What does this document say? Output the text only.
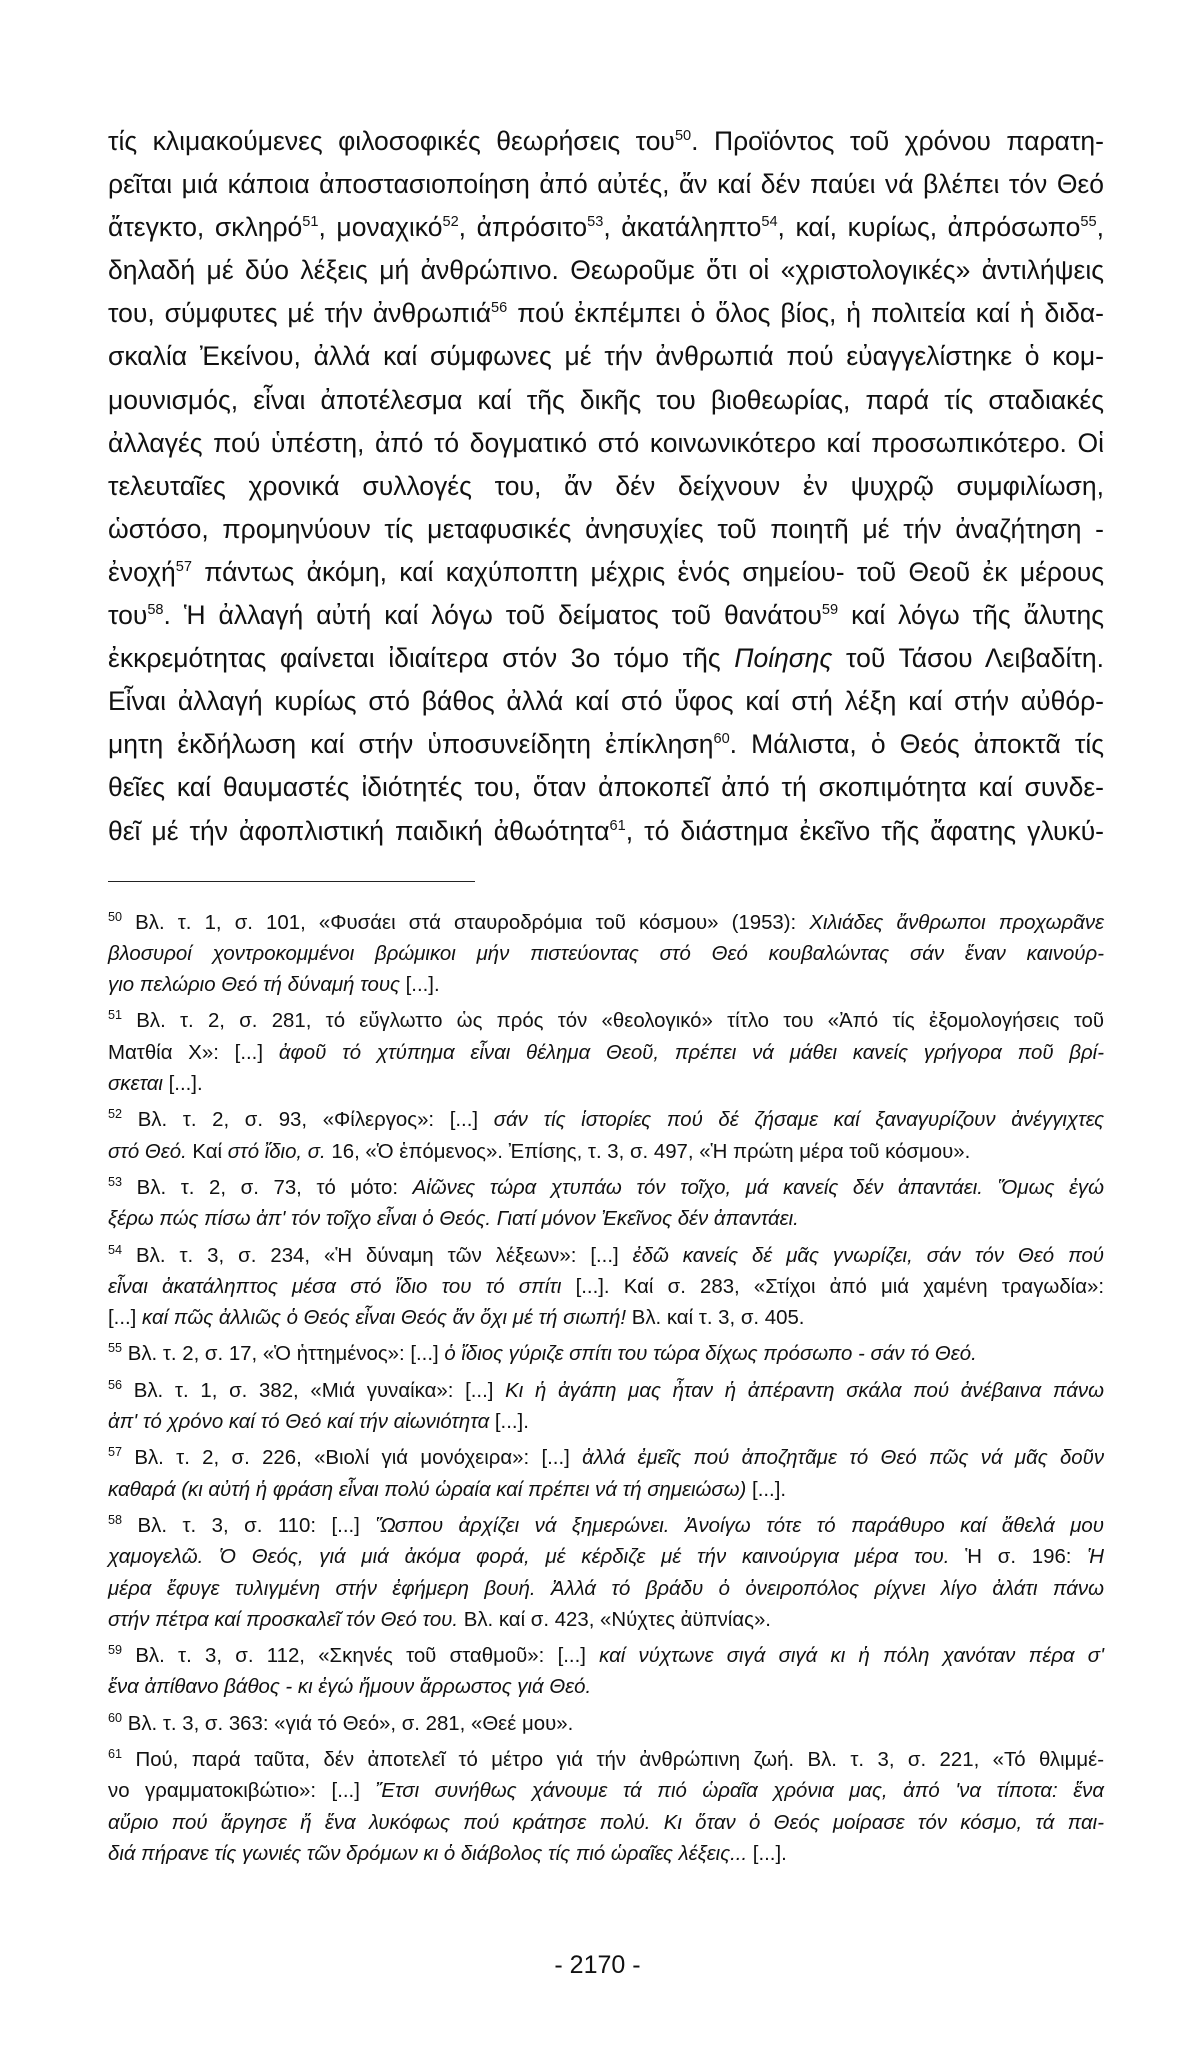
τίς κλιμακούμενες φιλοσοφικές θεωρήσεις του$^{50}$. Προϊόντος τοῦ χρόνου παρατη-
ρεῖται μιά κάποια ἀποστασιοποίηση ἀπό αὐτές, ἄν καί δέν παύει νά βλέπει τόν Θεό
ἄτεγκτο, σκληρό$^{51}$, μοναχικό$^{52}$, ἀπρόσιτο$^{53}$, ἀκατάληπτο$^{54}$, καί, κυρίως, ἀπρόσωπο$^{55}$,
δηλαδή μέ δύο λέξεις μή ἀνθρώπινο. Θεωροῦμε ὅτι οἱ «χριστολογικές» ἀντιλήψεις
του, σύμφυτες μέ τήν ἀνθρωπιά$^{56}$ πού ἐκπέμπει ὁ ὅλος βίος, ἡ πολιτεία καί ἡ διδα-
σκαλία Ἐκείνου, ἀλλά καί σύμφωνες μέ τήν ἀνθρωπιά πού εὐαγγελίστηκε ὁ κομ-
μουνισμός, εἶναι ἀποτέλεσμα καί τῆς δικῆς του βιοθεωρίας, παρά τίς σταδιακές
ἀλλαγές πού ὑπέστη, ἀπό τό δογματικό στό κοινωνικότερο καί προσωπικότερο. Οἱ
τελευταῖες χρονικά συλλογές του, ἄν δέν δείχνουν ἐν ψυχρῷ συμφιλίωση,
ὡστόσο, προμηνύουν τίς μεταφυσικές ἀνησυχίες τοῦ ποιητῆ μέ τήν ἀναζήτηση -
ἐνοχή$^{57}$ πάντως ἀκόμη, καί καχύποπτη μέχρις ἑνός σημείου- τοῦ Θεοῦ ἐκ μέρους
του$^{58}$. Ἡ ἀλλαγή αὐτή καί λόγω τοῦ δείματος τοῦ θανάτου$^{59}$ καί λόγω τῆς ἄλυτης
ἐκκρεμότητας φαίνεται ἰδιαίτερα στόν 3ο τόμο τῆς Ποίησης τοῦ Τάσου Λειβαδίτη.
Εἶναι ἀλλαγή κυρίως στό βάθος ἀλλά καί στό ὕφος καί στή λέξη καί στήν αὐθόρ-
μητη ἐκδήλωση καί στήν ὑποσυνείδητη ἐπίκληση$^{60}$. Μάλιστα, ὁ Θεός ἀποκτᾶ τίς
θεῖες καί θαυμαστές ἰδιότητές του, ὅταν ἀποκοπεῖ ἀπό τή σκοπιμότητα καί συνδε-
θεῖ μέ τήν ἀφοπλιστική παιδική ἀθωότητα$^{61}$, τό διάστημα ἐκεῖνο τῆς ἄφατης γλυκύ-
$^{50}$ Βλ. τ. 1, σ. 101, «Φυσάει στά σταυροδρόμια τοῦ κόσμου» (1953): Χιλιάδες ἄνθρωποι προχωρᾶνε
βλοσυροί χοντροκομμένοι βρώμικοι μήν πιστεύοντας στό Θεό κουβαλώντας σάν ἕναν καινούρ-
γιο πελώριο Θεό τή δύναμή τους [...].
$^{51}$ Βλ. τ. 2, σ. 281, τό εὔγλωττο ὡς πρός τόν «θεολογικό» τίτλο του «Ἀπό τίς ἐξομολογήσεις τοῦ
Ματθία Χ»: [...] ἀφοῦ τό χτύπημα εἶναι θέλημα Θεοῦ, πρέπει νά μάθει κανείς γρήγορα ποῦ βρί-
σκεται [...].
$^{52}$ Βλ. τ. 2, σ. 93, «Φίλεργος»: [...] σάν τίς ἱστορίες πού δέ ζήσαμε καί ξαναγυρίζουν ἀνέγγιχτες
στό Θεό. Καί στό ἴδιο, σ. 16, «Ὁ ἑπόμενος». Ἐπίσης, τ. 3, σ. 497, «Ἡ πρώτη μέρα τοῦ κόσμου».
$^{53}$ Βλ. τ. 2, σ. 73, τό μότο: Αἰῶνες τώρα χτυπάω τόν τοῖχο, μά κανείς δέν ἀπαντάει. Ὅμως ἐγώ
ξέρω πώς πίσω ἀπ' τόν τοῖχο εἶναι ὁ Θεός. Γιατί μόνον Ἐκεῖνος δέν ἀπαντάει.
$^{54}$ Βλ. τ. 3, σ. 234, «Ἡ δύναμη τῶν λέξεων»: [...] ἐδῶ κανείς δέ μᾶς γνωρίζει, σάν τόν Θεό πού
εἶναι ἀκατάληπτος μέσα στό ἴδιο του τό σπίτι [...]. Καί σ. 283, «Στίχοι ἀπό μιά χαμένη τραγωδία»:
[...] καί πῶς ἀλλιῶς ὁ Θεός εἶναι Θεός ἄν ὄχι μέ τή σιωπή! Βλ. καί τ. 3, σ. 405.
$^{55}$ Βλ. τ. 2, σ. 17, «Ὁ ἡττημένος»: [...] ὁ ἴδιος γύριζε σπίτι του τώρα δίχως πρόσωπο - σάν τό Θεό.
$^{56}$ Βλ. τ. 1, σ. 382, «Μιά γυναίκα»: [...] Κι ἡ ἀγάπη μας ἦταν ἡ ἀπέραντη σκάλα πού ἀνέβαινα πάνω
ἀπ' τό χρόνο καί τό Θεό καί τήν αἰωνιότητα [...].
$^{57}$ Βλ. τ. 2, σ. 226, «Βιολί γιά μονόχειρα»: [...] ἀλλά ἐμεῖς πού ἀποζητᾶμε τό Θεό πῶς νά μᾶς δοῦν
καθαρά (κι αὐτή ἡ φράση εἶναι πολύ ὡραία καί πρέπει νά τή σημειώσω) [...].
$^{58}$ Βλ. τ. 3, σ. 110: [...] Ὥσπου ἀρχίζει νά ξημερώνει. Ἀνοίγω τότε τό παράθυρο καί ἄθελά μου
χαμογελῶ. Ὁ Θεός, γιά μιά ἀκόμα φορά, μέ κέρδιζε μέ τήν καινούργια μέρα του. Ἡ σ. 196: Ἡ
μέρα ἔφυγε τυλιγμένη στήν ἐφήμερη βουή. Ἀλλά τό βράδυ ὁ ὀνειροπόλος ρίχνει λίγο ἀλάτι πάνω
στήν πέτρα καί προσκαλεῖ τόν Θεό του. Βλ. καί σ. 423, «Νύχτες ἀϋπνίας».
$^{59}$ Βλ. τ. 3, σ. 112, «Σκηνές τοῦ σταθμοῦ»: [...] καί νύχτωνε σιγά σιγά κι ἡ πόλη χανόταν πέρα σ'
ἕνα ἀπίθανο βάθος - κι ἐγώ ἤμουν ἄρρωστος γιά Θεό.
$^{60}$ Βλ. τ. 3, σ. 363: «γιά τό Θεό», σ. 281, «Θεέ μου».
$^{61}$ Πού, παρά ταῦτα, δέν ἀποτελεῖ τό μέτρο γιά τήν ἀνθρώπινη ζωή. Βλ. τ. 3, σ. 221, «Τό θλιμμέ-
νο γραμματοκιβώτιο»: [...] Ἔτσι συνήθως χάνουμε τά πιό ὡραῖα χρόνια μας, ἀπό 'να τίποτα: ἕνα
αὔριο πού ἄργησε ἤ ἕνα λυκόφως πού κράτησε πολύ. Κι ὅταν ὁ Θεός μοίρασε τόν κόσμο, τά παι-
διά πήρανε τίς γωνιές τῶν δρόμων κι ὁ διάβολος τίς πιό ὡραῖες λέξεις... [...].
- 2170 -
